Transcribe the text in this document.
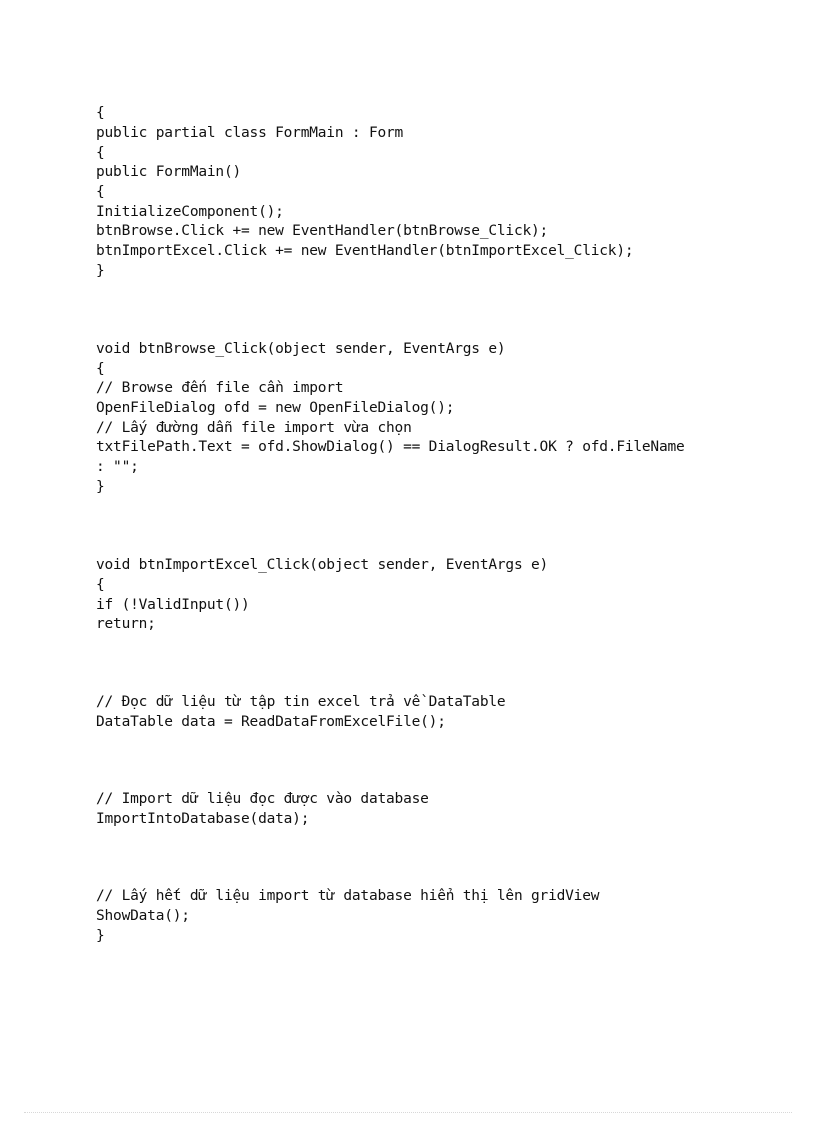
{
public partial class FormMain : Form
{
public FormMain()
{
InitializeComponent();
btnBrowse.Click += new EventHandler(btnBrowse_Click);
btnImportExcel.Click += new EventHandler(btnImportExcel_Click);
}
void btnBrowse_Click(object sender, EventArgs e)
{
// Browse đến file cần import
OpenFileDialog ofd = new OpenFileDialog();
// Lấy đường dẫn file import vừa chọn
txtFilePath.Text = ofd.ShowDialog() == DialogResult.OK ? ofd.FileName
: "";
}
void btnImportExcel_Click(object sender, EventArgs e)
{
if (!ValidInput())
return;
// Đọc dữ liệu từ tập tin excel trả về DataTable
DataTable data = ReadDataFromExcelFile();
// Import dữ liệu đọc được vào database
ImportIntoDatabase(data);
// Lấy hết dữ liệu import từ database hiển thị lên gridView
ShowData();
}
